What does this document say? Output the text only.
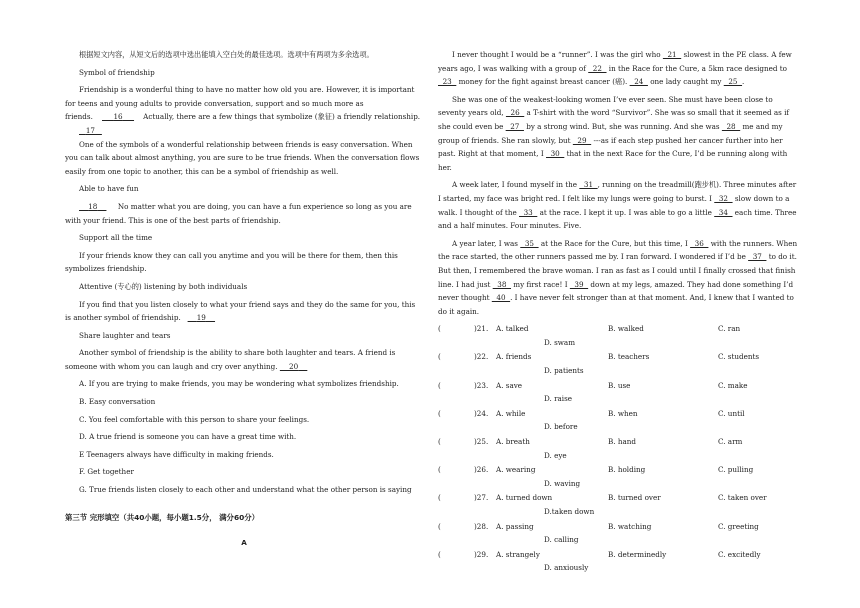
根据短文内容，从短文后的选项中选出能填入空白处的最佳选项。选项中有两项为多余选项。

Symbol of friendship

Friendship is a wonderful thing to have no matter how old you are. However, it is important for teens and young adults to provide conversation, support and so much more as
friends.	16	Actually, there are a few things that symbolize (象征) a friendly relationship.

17

One of the symbols of a wonderful relationship between friends is easy conversation. When you can talk about almost anything, you are sure to be true friends. When the conversation flows easily from one topic to another, this can be a symbol of friendship as well.

Able to have fun

18	No matter what you are doing, you can have a fun experience so long as you are with your friend. This is one of the best parts of friendship.

Support all the time

If your friends know they can call you anytime and you will be there for them, then this symbolizes friendship.

Attentive (专心的) listening by both individuals

If you find that you listen closely to what your friend says and they do the same for you, this is another symbol of friendship. 19

Share laughter and tears

Another symbol of friendship is the ability to share both laughter and tears. A friend is someone with whom you can laugh and cry over anything. 20

A. If you are trying to make friends, you may be wondering what symbolizes friendship.

B. Easy conversation

C. You feel comfortable with this person to share your feelings.

D. A true friend is someone you can have a great time with.

E Teenagers always have difficulty in making friends.

F. Get together

G. True friends listen closely to each other and understand what the other person is saying

第三节 完形填空（共40小题，每小题1.5分， 满分60分）

A

I never thought I would be a “runner”. I was the girl who   21   slowest in the PE class. A few years ago, I was walking with a group of   22   in the Race for the Cure, a 5km race designed to   23   money for the fight against breast cancer (癌).   24   one lady caught my   25  .

She was one of the weakest-looking women I’ve ever seen. She must have been close to seventy years old,   26   a T-shirt with the word “Survivor”. She was so small that it seemed as if she could even be   27   by a strong wind. But, she was running. And she was   28   me and my group of friends. She ran slowly, but   29   ---as if each step pushed her cancer further into her past. Right at that moment, I   30   that in the next Race for the Cure, I’d be running along with her.

A week later, I found myself in the   31  , running on the treadmill(跑步机). Three minutes after I started, my face was bright red. I felt like my lungs were going to burst. I   32   slow down to a walk. I thought of the   33   at the race. I kept it up. I was able to go a little   34   each time. Three and a half minutes. Four minutes. Five.

A year later, I was   35   at the Race for the Cure, but this time, I   36   with the runners. When the race started, the other runners passed me by. I ran forward. I wondered if I’d be   37   to do it. But then, I remembered the brave woman. I ran as fast as I could until I finally crossed that finish line. I had just   38   my first race! I   39   down at my legs, amazed. They had done something I’d never thought   40  . I have never felt stronger than at that moment. And, I knew that I wanted to do it again.

(	)21.	A. talked	B. walked	C. ran
D. swam
(	)22.	A. friends	B. teachers	C. students
D. patients
(	)23.	A. save	B. use	C. make
D. raise
(	)24.	A. while	B. when	C. until
D. before
(	)25.	A. breath	B. hand	C. arm
D. eye
(	)26.	A. wearing	B. holding	C. pulling
D. waving
(	)27.	A. turned down	B. turned over	C. taken over
D.taken down
(	)28.	A. passing	B. watching	C. greeting
D. calling
(	)29.	A. strangely	B. determinedly	C. excitedly
D. anxiously
